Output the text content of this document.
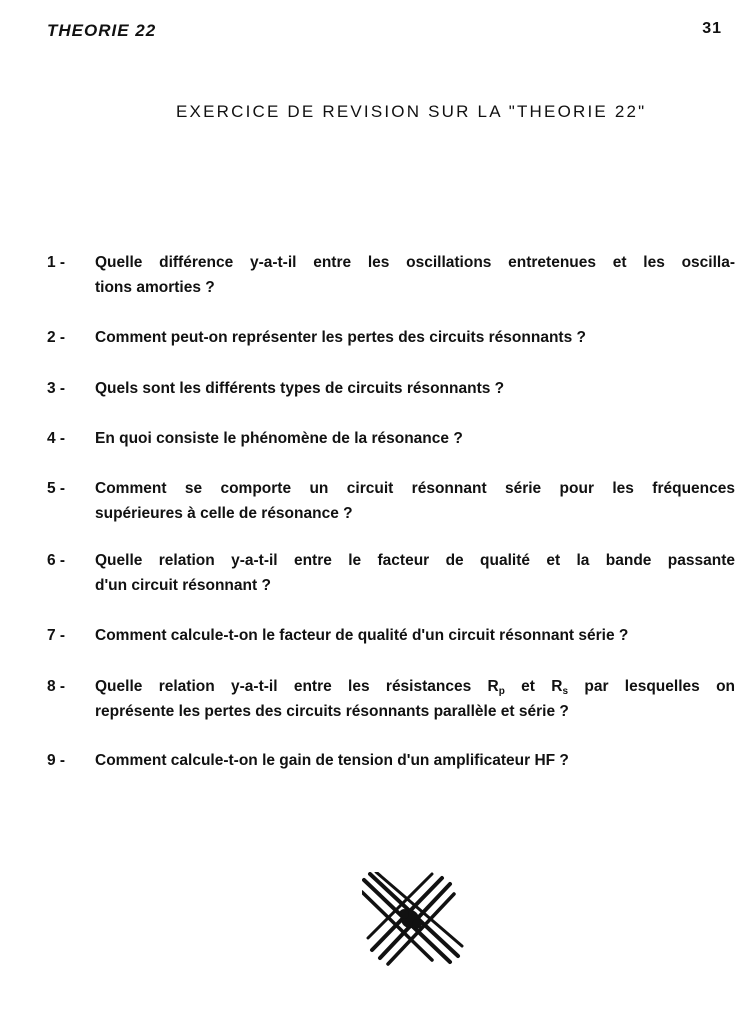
THEORIE 22	31
EXERCICE DE REVISION SUR LA "THEORIE 22"
1 -	Quelle différence y-a-t-il entre les oscillations entretenues et les oscilla-
tions amorties ?
2 -	Comment peut-on représenter les pertes des circuits résonnants ?
3 -	Quels sont les différents types de circuits résonnants ?
4 -	En quoi consiste le phénomène de la résonance ?
5 -	Comment se comporte un circuit résonnant série pour les fréquences
supérieures à celle de résonance ?
6 -	Quelle relation y-a-t-il entre le facteur de qualité et la bande passante
d'un circuit résonnant ?
7 -	Comment calcule-t-on le facteur de qualité d'un circuit résonnant série ?
8 -	Quelle relation y-a-t-il entre les résistances $R_p$ et $R_s$ par lesquelles on
représente les pertes des circuits résonnants parallèle et série ?
9 -	Comment calcule-t-on le gain de tension d'un amplificateur HF ?
